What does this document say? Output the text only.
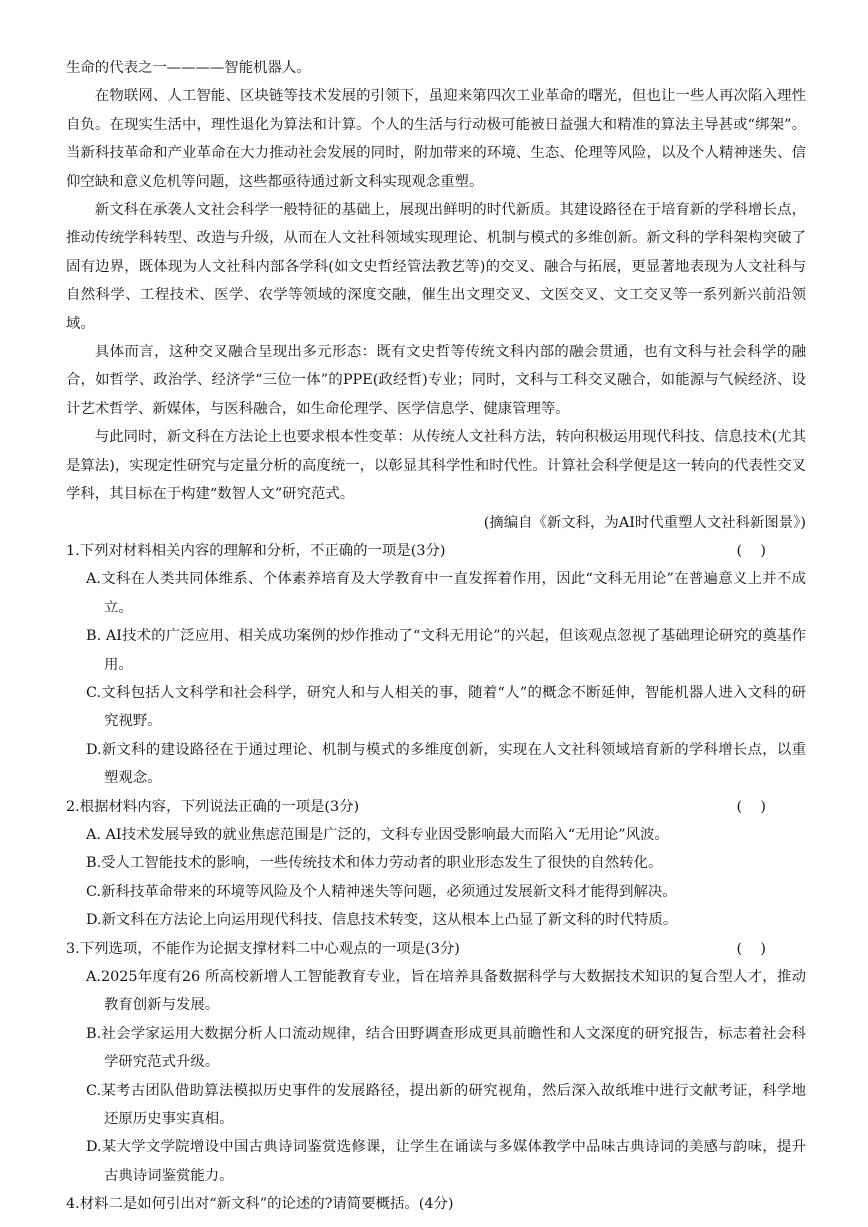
生命的代表之一————智能机器人。

在物联网、人工智能、区块链等技术发展的引领下，虽迎来第四次工业革命的曙光，但也让一些人再次陷入理性自负。在现实生活中，理性退化为算法和计算。个人的生活与行动极可能被日益强大和精准的算法主导甚或“绑架”。当新科技革命和产业革命在大力推动社会发展的同时，附加带来的环境、生态、伦理等风险，以及个人精神迷失、信仰空缺和意义危机等问题，这些都亟待通过新文科实现观念重塑。

新文科在承袭人文社会科学一般特征的基础上，展现出鲜明的时代新质。其建设路径在于培育新的学科增长点，推动传统学科转型、改造与升级，从而在人文社科领域实现理论、机制与模式的多维创新。新文科的学科架构突破了固有边界，既体现为人文社科内部各学科(如文史哲经管法教艺等)的交叉、融合与拓展，更显著地表现为人文社科与自然科学、工程技术、医学、农学等领域的深度交融，催生出文理交叉、文医交叉、文工交叉等一系列新兴前沿领域。

具体而言，这种交叉融合呈现出多元形态：既有文史哲等传统文科内部的融会贯通，也有文科与社会科学的融合，如哲学、政治学、经济学“三位一体”的PPE(政经哲)专业；同时，文科与工科交叉融合，如能源与气候经济、设计艺术哲学、新媒体，与医科融合，如生命伦理学、医学信息学、健康管理等。

与此同时，新文科在方法论上也要求根本性变革：从传统人文社科方法，转向积极运用现代科技、信息技术(尤其是算法)，实现定性研究与定量分析的高度统一，以彰显其科学性和时代性。计算社会科学便是这一转向的代表性交叉学科，其目标在于构建“数智人文”研究范式。

(摘编自《新文科，为AI时代重塑人文社科新图景》)

1.下列对材料相关内容的理解和分析，不正确的一项是(3分)	(    )

A.文科在人类共同体维系、个体素养培育及大学教育中一直发挥着作用，因此“文科无用论”在普遍意义上并不成立。

B. AI技术的广泛应用、相关成功案例的炒作推动了“文科无用论”的兴起，但该观点忽视了基础理论研究的奠基作用。

C.文科包括人文科学和社会科学，研究人和与人相关的事，随着“人”的概念不断延伸，智能机器人进入文科的研究视野。

D.新文科的建设路径在于通过理论、机制与模式的多维度创新，实现在人文社科领域培育新的学科增长点，以重塑观念。

2.根据材料内容，下列说法正确的一项是(3分)	(    )

A. AI技术发展导致的就业焦虑范围是广泛的，文科专业因受影响最大而陷入“无用论”风波。

B.受人工智能技术的影响，一些传统技术和体力劳动者的职业形态发生了很快的自然转化。

C.新科技革命带来的环境等风险及个人精神迷失等问题，必须通过发展新文科才能得到解决。

D.新文科在方法论上向运用现代科技、信息技术转变，这从根本上凸显了新文科的时代特质。

3.下列选项，不能作为论据支撑材料二中心观点的一项是(3分)	(    )

A.2025年度有26 所高校新增人工智能教育专业，旨在培养具备数据科学与大数据技术知识的复合型人才，推动教育创新与发展。

B.社会学家运用大数据分析人口流动规律，结合田野调查形成更具前瞻性和人文深度的研究报告，标志着社会科学研究范式升级。

C.某考古团队借助算法模拟历史事件的发展路径，提出新的研究视角，然后深入故纸堆中进行文献考证，科学地还原历史事实真相。

D.某大学文学院增设中国古典诗词鉴赏选修课，让学生在诵读与多媒体教学中品味古典诗词的美感与韵味，提升古典诗词鉴赏能力。

4.材料二是如何引出对“新文科”的论述的?请简要概括。(4分)
